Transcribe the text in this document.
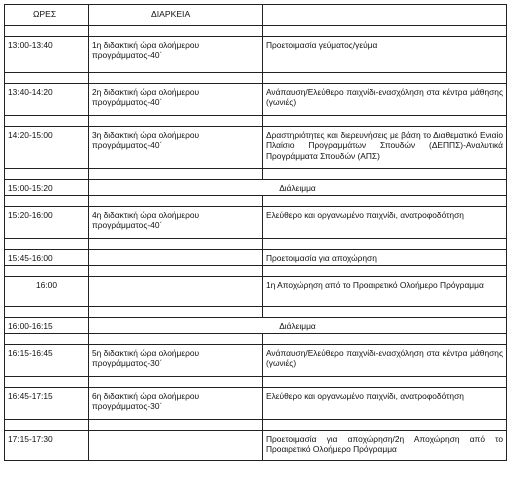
ΩΡΕΣ	ΔΙΑΡΚΕΙΑ	

13:00-13:40	1η διδακτική ώρα ολοήμερου προγράμματος-40΄	Προετοιμασία γεύματος/γεύμα

13:40-14:20	2η διδακτική ώρα ολοήμερου προγράμματος-40΄	Ανάπαυση/Ελεύθερο παιχνίδι-ενασχόληση στα κέντρα μάθησης (γωνιές)

14:20-15:00	3η διδακτική ώρα ολοήμερου προγράμματος-40΄	Δραστηριότητες και διερευνήσεις με βάση το Διαθεματικό Ενιαίο Πλαίσιο Προγραμμάτων Σπουδών (ΔΕΠΠΣ)-Αναλυτικά Προγράμματα Σπουδών (ΑΠΣ)

15:00-15:20	Διάλειμμα	

15:20-16:00	4η διδακτική ώρα ολοήμερου προγράμματος-40΄	Ελεύθερο και οργανωμένο παιχνίδι, ανατροφοδότηση

15:45-16:00		Προετοιμασία για αποχώρηση

16:00		1η Αποχώρηση από το Προαιρετικό Ολοήμερο Πρόγραμμα

16:00-16:15	Διάλειμμα	

16:15-16:45	5η διδακτική ώρα ολοήμερου προγράμματος-30΄	Ανάπαυση/Ελεύθερο παιχνίδι-ενασχόληση στα κέντρα μάθησης (γωνιές)

16:45-17:15	6η διδακτική ώρα ολοήμερου προγράμματος-30΄	Ελεύθερο και οργανωμένο παιχνίδι, ανατροφοδότηση

17:15-17:30		Προετοιμασία για αποχώρηση/2η Αποχώρηση από το Προαιρετικό Ολοήμερο Πρόγραμμα
